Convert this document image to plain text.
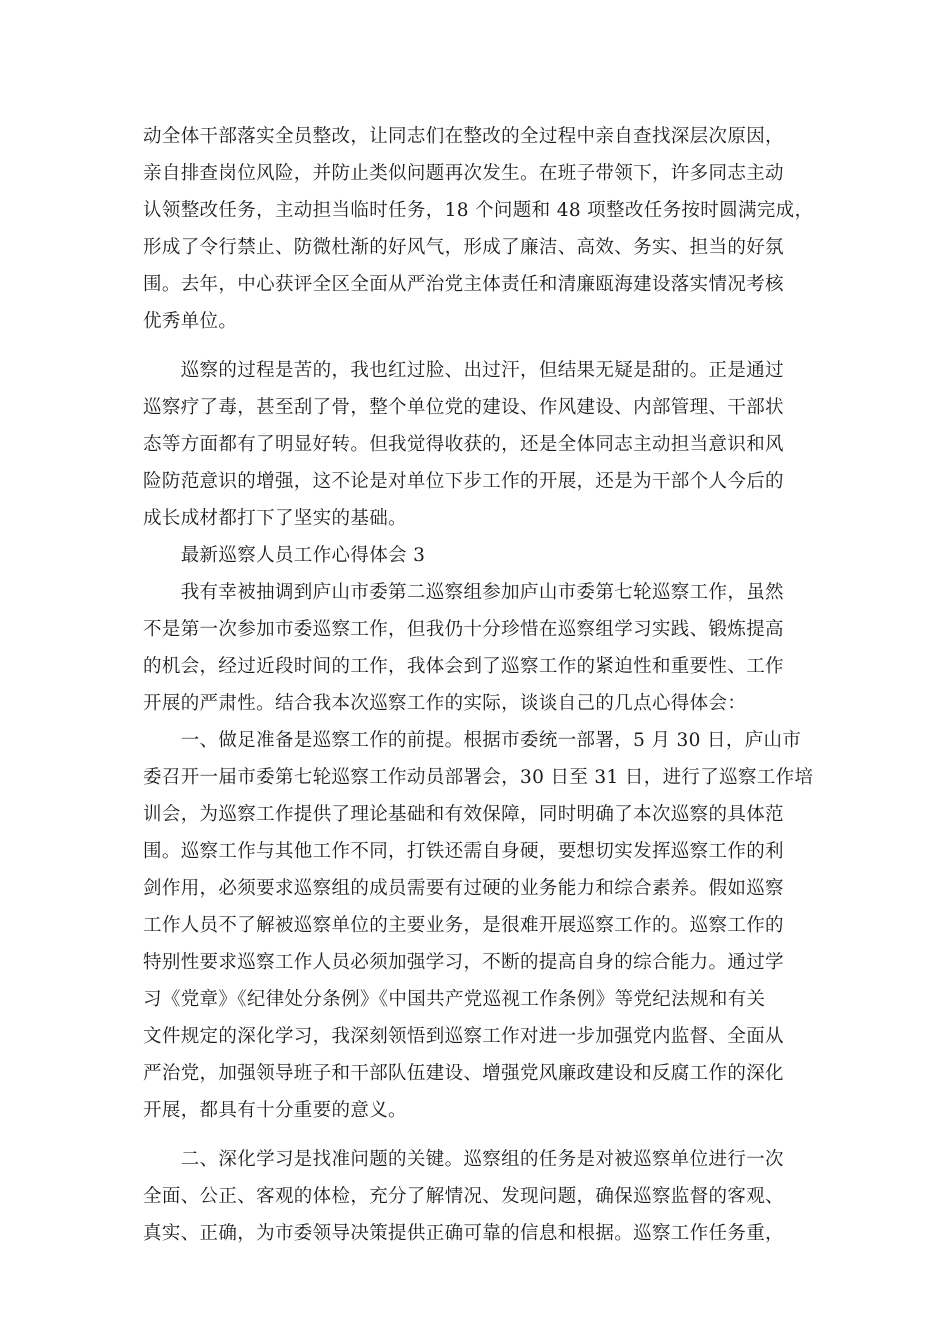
动全体干部落实全员整改，让同志们在整改的全过程中亲自查找深层次原因，
亲自排查岗位风险，并防止类似问题再次发生。在班子带领下，许多同志主动
认领整改任务，主动担当临时任务，18 个问题和 48 项整改任务按时圆满完成，
形成了令行禁止、防微杜渐的好风气，形成了廉洁、高效、务实、担当的好氛
围。去年，中心获评全区全面从严治党主体责任和清廉瓯海建设落实情况考核
优秀单位。
　　巡察的过程是苦的，我也红过脸、出过汗，但结果无疑是甜的。正是通过
巡察疗了毒，甚至刮了骨，整个单位党的建设、作风建设、内部管理、干部状
态等方面都有了明显好转。但我觉得收获的，还是全体同志主动担当意识和风
险防范意识的增强，这不论是对单位下步工作的开展，还是为干部个人今后的
成长成材都打下了坚实的基础。
　　最新巡察人员工作心得体会 3
　　我有幸被抽调到庐山市委第二巡察组参加庐山市委第七轮巡察工作，虽然
不是第一次参加市委巡察工作，但我仍十分珍惜在巡察组学习实践、锻炼提高
的机会，经过近段时间的工作，我体会到了巡察工作的紧迫性和重要性、工作
开展的严肃性。结合我本次巡察工作的实际，谈谈自己的几点心得体会：
　　一、做足准备是巡察工作的前提。根据市委统一部署，5 月 30 日，庐山市
委召开一届市委第七轮巡察工作动员部署会，30 日至 31 日，进行了巡察工作培
训会，为巡察工作提供了理论基础和有效保障，同时明确了本次巡察的具体范
围。巡察工作与其他工作不同，打铁还需自身硬，要想切实发挥巡察工作的利
剑作用，必须要求巡察组的成员需要有过硬的业务能力和综合素养。假如巡察
工作人员不了解被巡察单位的主要业务，是很难开展巡察工作的。巡察工作的
特别性要求巡察工作人员必须加强学习，不断的提高自身的综合能力。通过学
习《党章》《纪律处分条例》《中国共产党巡视工作条例》等党纪法规和有关
文件规定的深化学习，我深刻领悟到巡察工作对进一步加强党内监督、全面从
严治党，加强领导班子和干部队伍建设、增强党风廉政建设和反腐工作的深化
开展，都具有十分重要的意义。
　　二、深化学习是找准问题的关键。巡察组的任务是对被巡察单位进行一次
全面、公正、客观的体检，充分了解情况、发现问题，确保巡察监督的客观、
真实、正确，为市委领导决策提供正确可靠的信息和根据。巡察工作任务重，
